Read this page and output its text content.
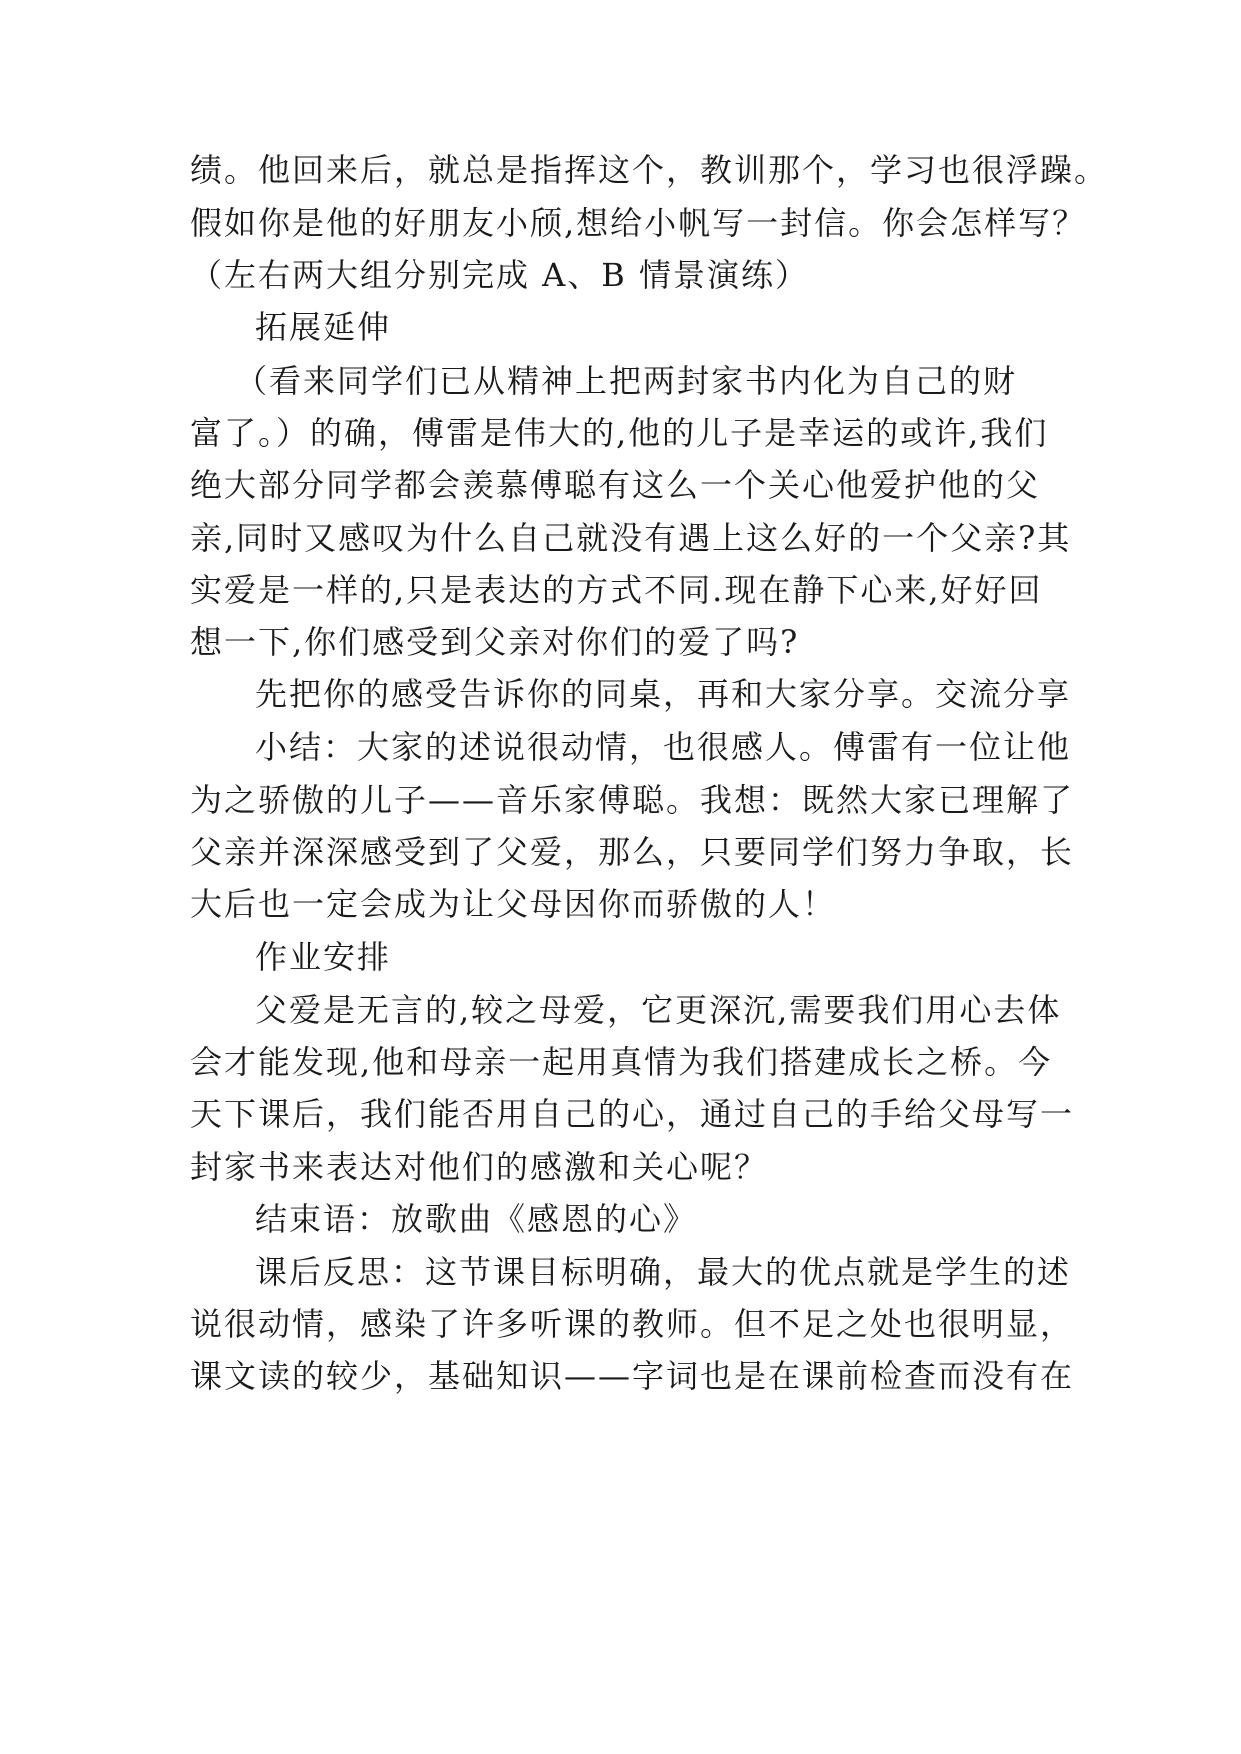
绩。他回来后，就总是指挥这个，教训那个，学习也很浮躁。
假如你是他的好朋友小颀,想给小帆写一封信。你会怎样写？
（左右两大组分别完成 A、B 情景演练）
拓展延伸
（看来同学们已从精神上把两封家书内化为自己的财
富了。）的确，傅雷是伟大的,他的儿子是幸运的或许,我们
绝大部分同学都会羡慕傅聪有这么一个关心他爱护他的父
亲,同时又感叹为什么自己就没有遇上这么好的一个父亲?其
实爱是一样的,只是表达的方式不同.现在静下心来,好好回
想一下,你们感受到父亲对你们的爱了吗?
先把你的感受告诉你的同桌，再和大家分享。交流分享
小结：大家的述说很动情，也很感人。傅雷有一位让他
为之骄傲的儿子——音乐家傅聪。我想：既然大家已理解了
父亲并深深感受到了父爱，那么，只要同学们努力争取，长
大后也一定会成为让父母因你而骄傲的人！
作业安排
父爱是无言的,较之母爱，它更深沉,需要我们用心去体
会才能发现,他和母亲一起用真情为我们搭建成长之桥。今
天下课后，我们能否用自己的心，通过自己的手给父母写一
封家书来表达对他们的感激和关心呢？
结束语：放歌曲《感恩的心》
课后反思：这节课目标明确，最大的优点就是学生的述
说很动情，感染了许多听课的教师。但不足之处也很明显，
课文读的较少，基础知识——字词也是在课前检查而没有在
